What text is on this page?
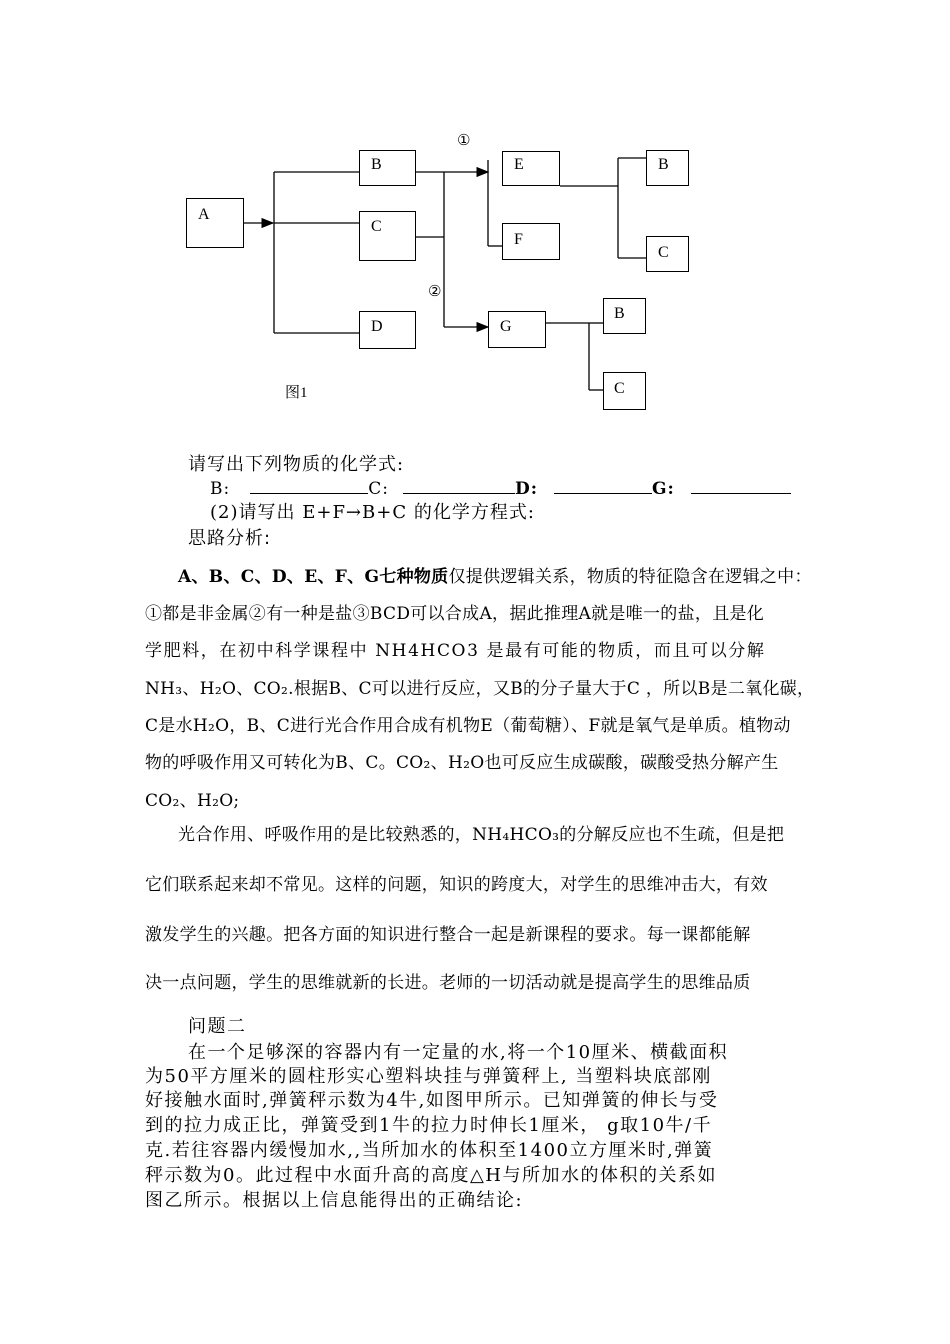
A
B
C
D
E
F
B
C
G
B
C
①
②
图1
请写出下列物质的化学式:
B:	C:	D:	G:
(2)请写出 E+F→B+C 的化学方程式:
思路分析:
A、B、C、D、E、F、G七种物质仅提供逻辑关系，物质的特征隐含在逻辑之中：
①都是非金属②有一种是盐③BCD可以合成A，据此推理A就是唯一的盐，且是化
学肥料，在初中科学课程中 NH4HCO3 是最有可能的物质，而且可以分解
NH₃、H₂O、CO₂.根据B、C可以进行反应，又B的分子量大于C ，所以B是二氧化碳，
C是水H₂O，B、C进行光合作用合成有机物E（葡萄糖）、F就是氧气是单质。植物动
物的呼吸作用又可转化为B、C。CO₂、H₂O也可反应生成碳酸，碳酸受热分解产生
CO₂、H₂O;
光合作用、呼吸作用的是比较熟悉的，NH₄HCO₃的分解反应也不生疏，但是把
它们联系起来却不常见。这样的问题，知识的跨度大，对学生的思维冲击大，有效
激发学生的兴趣。把各方面的知识进行整合一起是新课程的要求。每一课都能解
决一点问题，学生的思维就新的长进。老师的一切活动就是提高学生的思维品质
问题二
在一个足够深的容器内有一定量的水,将一个10厘米、横截面积
为50平方厘米的圆柱形实心塑料块挂与弹簧秤上, 当塑料块底部刚
好接触水面时,弹簧秤示数为4牛,如图甲所示。已知弹簧的伸长与受
到的拉力成正比，弹簧受到1牛的拉力时伸长1厘米， g取10牛/千
克.若往容器内缓慢加水,,当所加水的体积至1400立方厘米时,弹簧
秤示数为0。此过程中水面升高的高度△H与所加水的体积的关系如
图乙所示。根据以上信息能得出的正确结论:
